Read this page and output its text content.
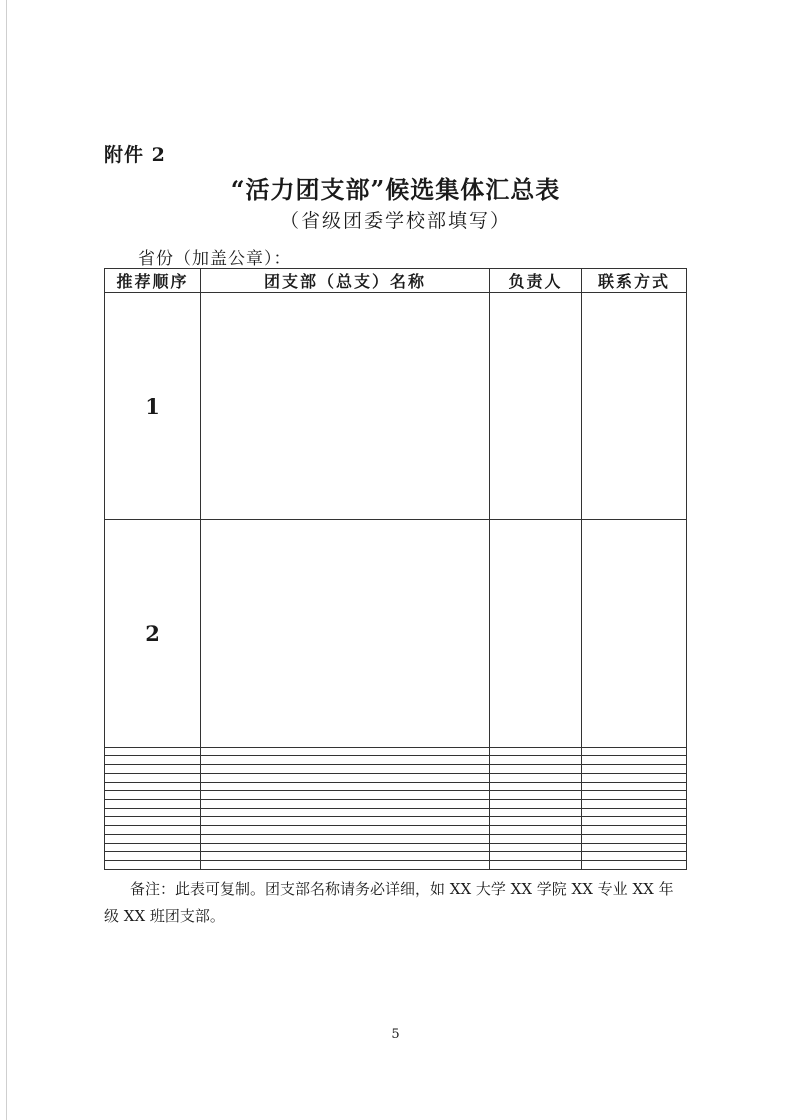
附件 2
“活力团支部”候选集体汇总表
（省级团委学校部填写）
省份（加盖公章）：
推荐顺序	团支部（总支）名称	负责人	联系方式
1			
2			

备注：此表可复制。团支部名称请务必详细，如 XX 大学 XX 学院 XX 专业 XX 年级 XX 班团支部。
5
